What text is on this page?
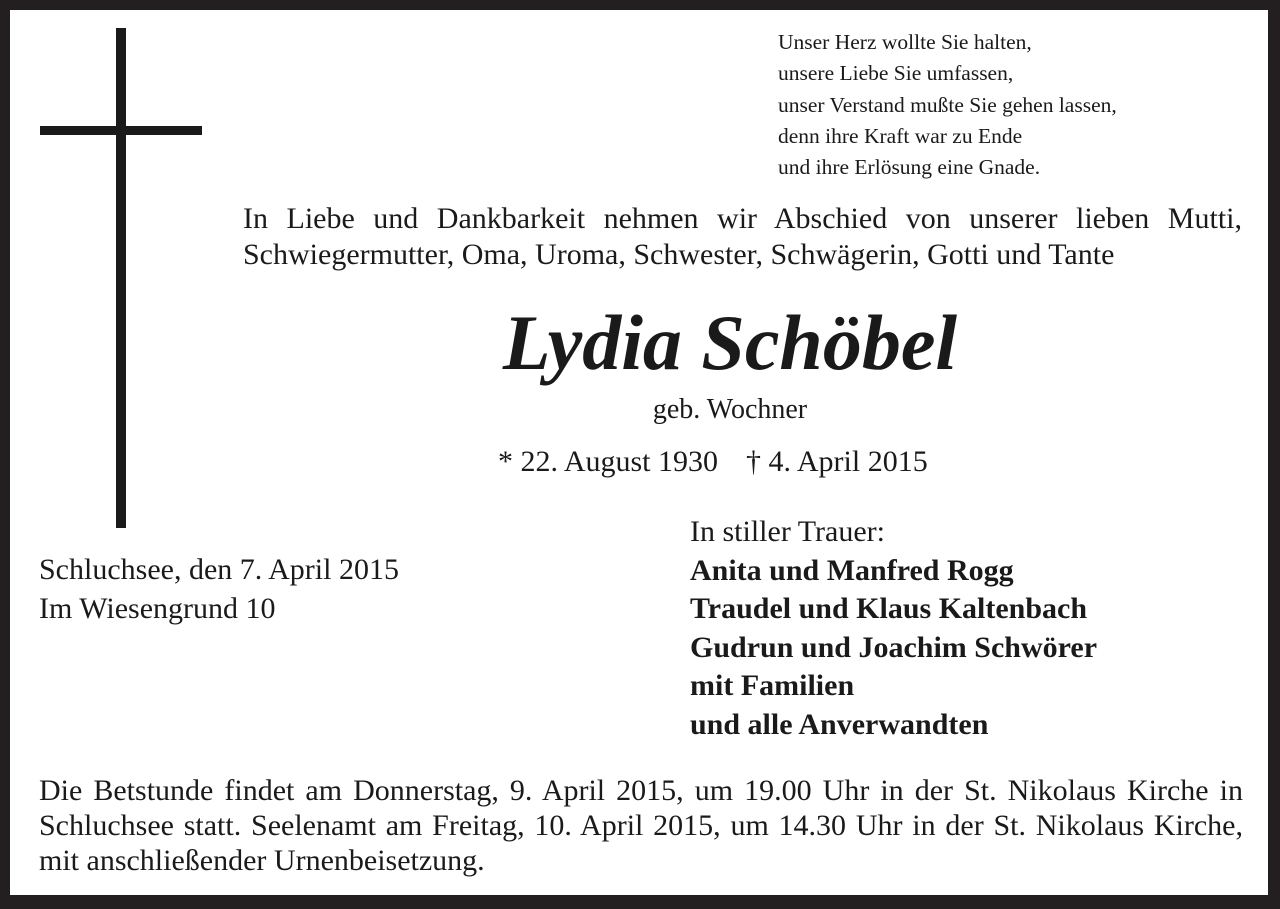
Unser Herz wollte Sie halten,
unsere Liebe Sie umfassen,
unser Verstand mußte Sie gehen lassen,
denn ihre Kraft war zu Ende
und ihre Erlösung eine Gnade.
In Liebe und Dankbarkeit nehmen wir Abschied von unserer lieben Mutti, Schwiegermutter, Oma, Uroma, Schwester, Schwägerin, Gotti und Tante
Lydia Schöbel
geb. Wochner
* 22. August 1930 † 4. April 2015
Schluchsee, den 7. April 2015
Im Wiesengrund 10
In stiller Trauer:
Anita und Manfred Rogg
Traudel und Klaus Kaltenbach
Gudrun und Joachim Schwörer
mit Familien
und alle Anverwandten
Die Betstunde findet am Donnerstag, 9. April 2015, um 19.00 Uhr in der St. Nikolaus Kirche in Schluchsee statt. Seelenamt am Freitag, 10. April 2015, um 14.30 Uhr in der St. Nikolaus Kirche, mit anschließender Urnenbeisetzung.
